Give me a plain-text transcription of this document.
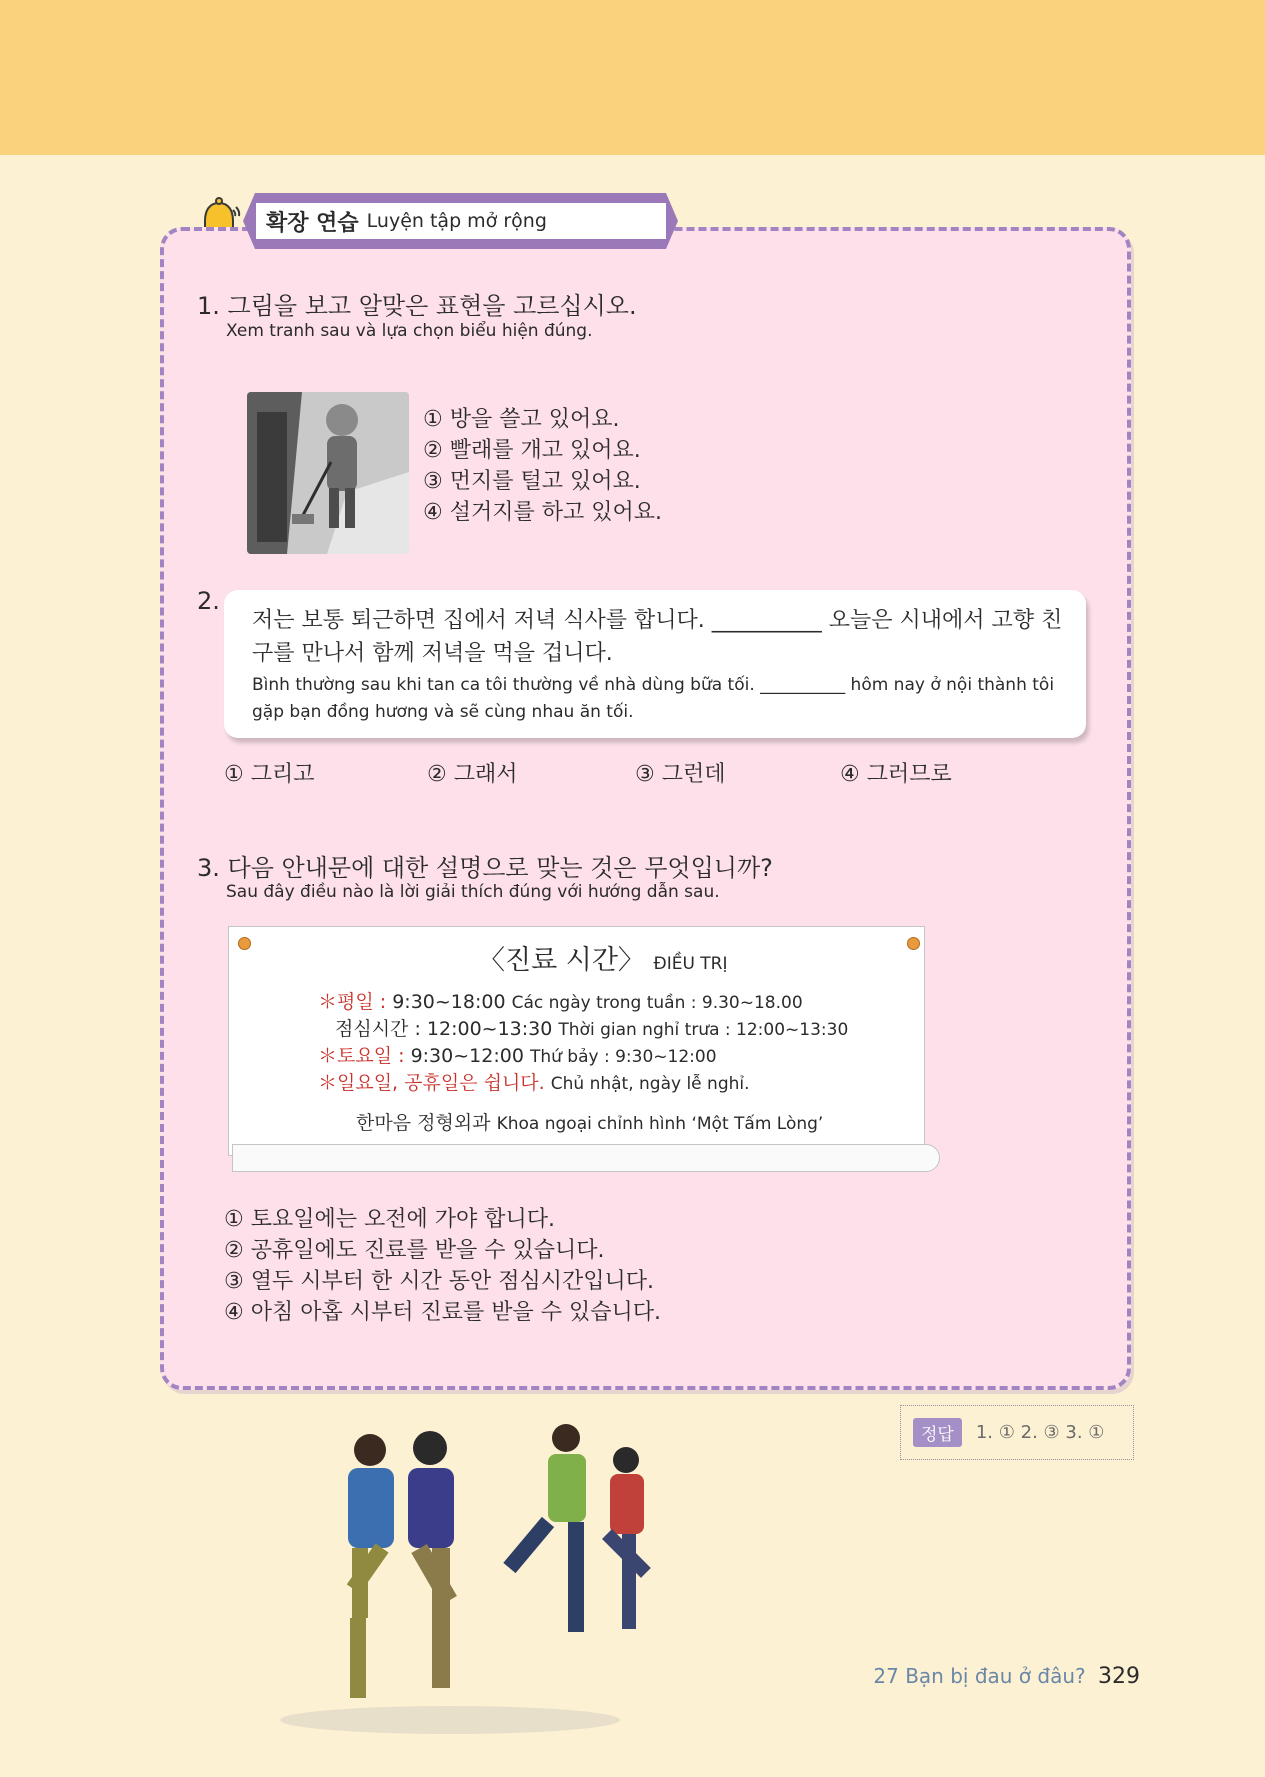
확장 연습 Luyện tập mở rộng
1. 그림을 보고 알맞은 표현을 고르십시오.
Xem tranh sau và lựa chọn biểu hiện đúng.
① 방을 쓸고 있어요.
② 빨래를 개고 있어요.
③ 먼지를 털고 있어요.
④ 설거지를 하고 있어요.
2.
저는 보통 퇴근하면 집에서 저녁 식사를 합니다. __________ 오늘은 시내에서 고향 친구를 만나서 함께 저녁을 먹을 겁니다.
Bình thường sau khi tan ca tôi thường về nhà dùng bữa tối. __________ hôm nay ở nội thành tôi gặp bạn đồng hương và sẽ cùng nhau ăn tối.
① 그리고	② 그래서	③ 그런데	④ 그러므로
3. 다음 안내문에 대한 설명으로 맞는 것은 무엇입니까?
Sau đây điều nào là lời giải thích đúng với hướng dẫn sau.
〈진료 시간〉 ĐIỀU TRỊ
＊평일 : 9:30~18:00 Các ngày trong tuần : 9.30~18.00
점심시간 : 12:00~13:30 Thời gian nghỉ trưa : 12:00~13:30
＊토요일 : 9:30~12:00 Thứ bảy : 9:30~12:00
＊일요일, 공휴일은 쉽니다. Chủ nhật, ngày lễ nghỉ.
한마음 정형외과 Khoa ngoại chỉnh hình ‘Một Tấm Lòng’
① 토요일에는 오전에 가야 합니다.
② 공휴일에도 진료를 받을 수 있습니다.
③ 열두 시부터 한 시간 동안 점심시간입니다.
④ 아침 아홉 시부터 진료를 받을 수 있습니다.
정답	1. ① 2. ③ 3. ①
27 Bạn bị đau ở đâu? 329
